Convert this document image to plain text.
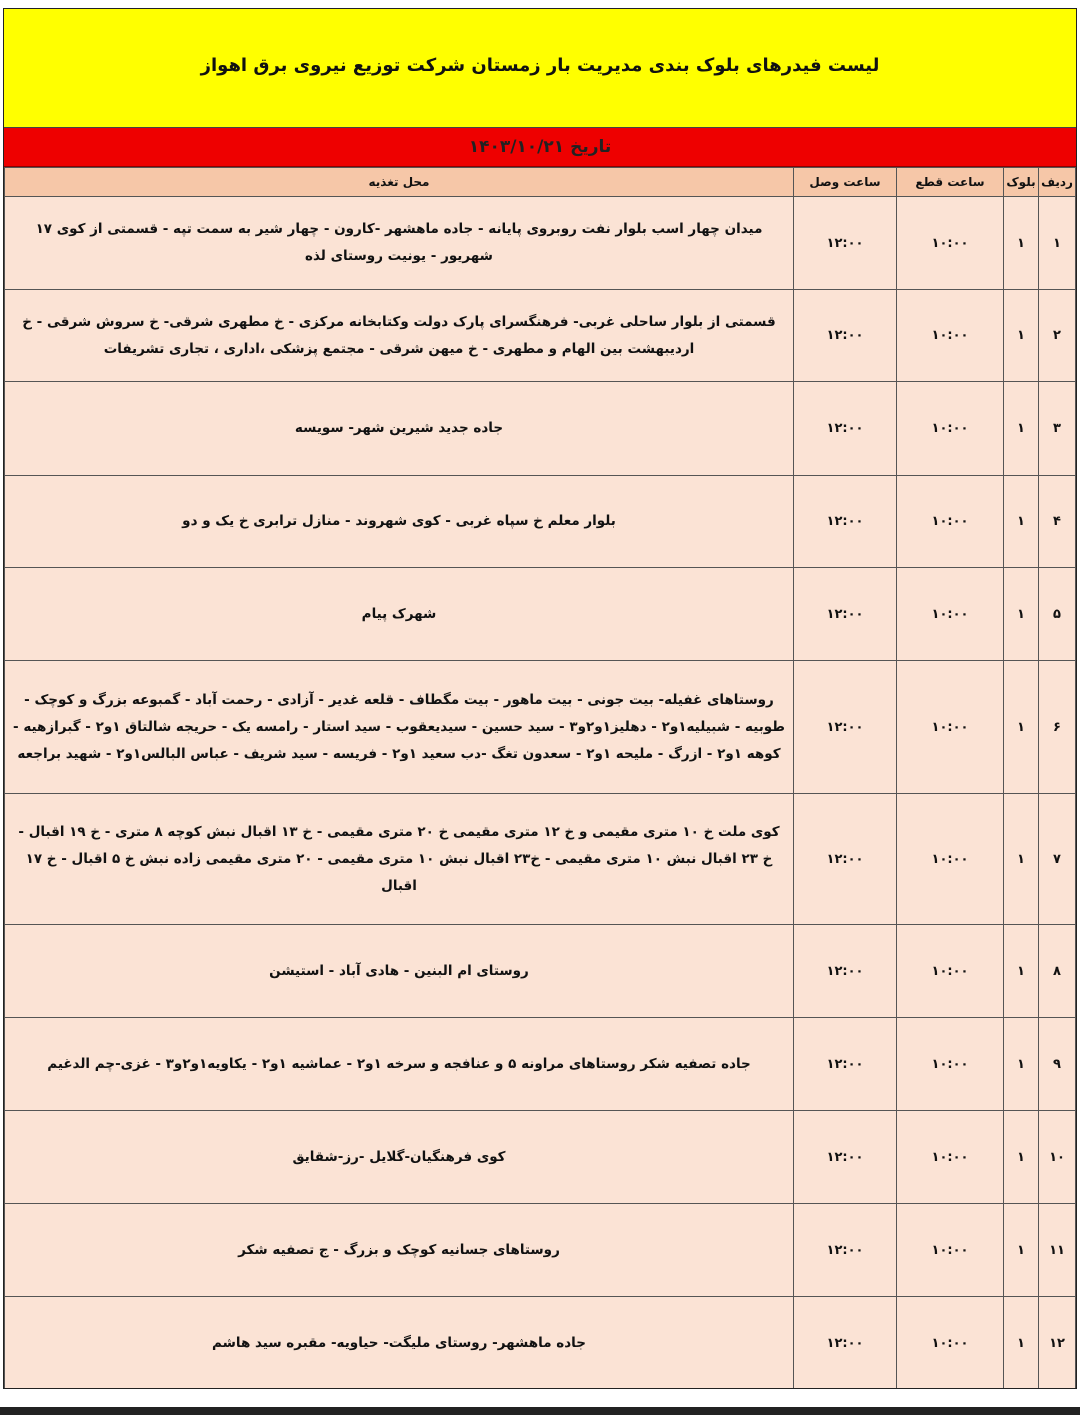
لیست فیدرهای بلوک بندی مدیریت بار زمستان شرکت توزیع نیروی برق اهواز
تاریخ ۱۴۰۳/۱۰/۲۱
ردیف	بلوک	ساعت قطع	ساعت وصل	محل تغذیه
۱	۱	۱۰:۰۰	۱۲:۰۰	میدان چهار اسب بلوار نفت روبروی پایانه - جاده ماهشهر -کارون - چهار شیر به سمت تپه - قسمتی از کوی ۱۷ شهریور - یونیت روستای لذه
۲	۱	۱۰:۰۰	۱۲:۰۰	قسمتی از بلوار ساحلی غربی- فرهنگسرای پارک دولت وکتابخانه مرکزی - خ مطهری شرقی- خ سروش شرقی - خ اردیبهشت بین الهام و مطهری - خ میهن شرقی - مجتمع پزشکی ،اداری ، تجاری تشریفات
۳	۱	۱۰:۰۰	۱۲:۰۰	جاده جدید شیرین شهر- سویسه
۴	۱	۱۰:۰۰	۱۲:۰۰	بلوار معلم خ سپاه غربی - کوی شهروند - منازل ترابری خ یک و دو
۵	۱	۱۰:۰۰	۱۲:۰۰	شهرک پیام
۶	۱	۱۰:۰۰	۱۲:۰۰	روستاهای غفیله- بیت جونی - بیت ماهور - بیت مگطاف - قلعه غدیر - آزادی - رحمت آباد - گمبوعه بزرگ و کوچک - طوبیه - شبیلیه۱و۲ - دهلیز۱و۲و۳ - سید حسین - سیدیعقوب - سید استار - رامسه یک - حریجه شالتاق ۱و۲ - گبرازهیه - کوهه ۱و۲ - ازرگ - ملیحه ۱و۲ - سعدون تغگ -دب سعید ۱و۲ - فریسه - سید شریف - عباس البالس۱و۲ - شهید براجعه
۷	۱	۱۰:۰۰	۱۲:۰۰	کوی ملت خ ۱۰ متری مقیمی و خ ۱۲ متری مقیمی خ ۲۰ متری مقیمی - خ ۱۳ اقبال نبش کوچه ۸ متری - خ ۱۹ اقبال - خ ۲۳ اقبال نبش ۱۰ متری مقیمی - خ۲۳ اقبال نبش ۱۰ متری مقیمی - ۲۰ متری مقیمی زاده نبش خ ۵ اقبال - خ ۱۷ اقبال
۸	۱	۱۰:۰۰	۱۲:۰۰	روستای ام البنین - هادی آباد - استیشن
۹	۱	۱۰:۰۰	۱۲:۰۰	جاده تصفیه شکر روستاهای مراونه ۵ و عنافجه و سرخه ۱و۲ - عماشیه ۱و۲ - یکاویه۱و۲و۳ - غزی-چم الدغیم
۱۰	۱	۱۰:۰۰	۱۲:۰۰	کوی فرهنگیان-گلایل -رز-شقایق
۱۱	۱	۱۰:۰۰	۱۲:۰۰	روستاهای جسانیه کوچک و بزرگ - ج تصفیه شکر
۱۲	۱	۱۰:۰۰	۱۲:۰۰	جاده ماهشهر- روستای ملیگت- حیاویه- مقبره سید هاشم
